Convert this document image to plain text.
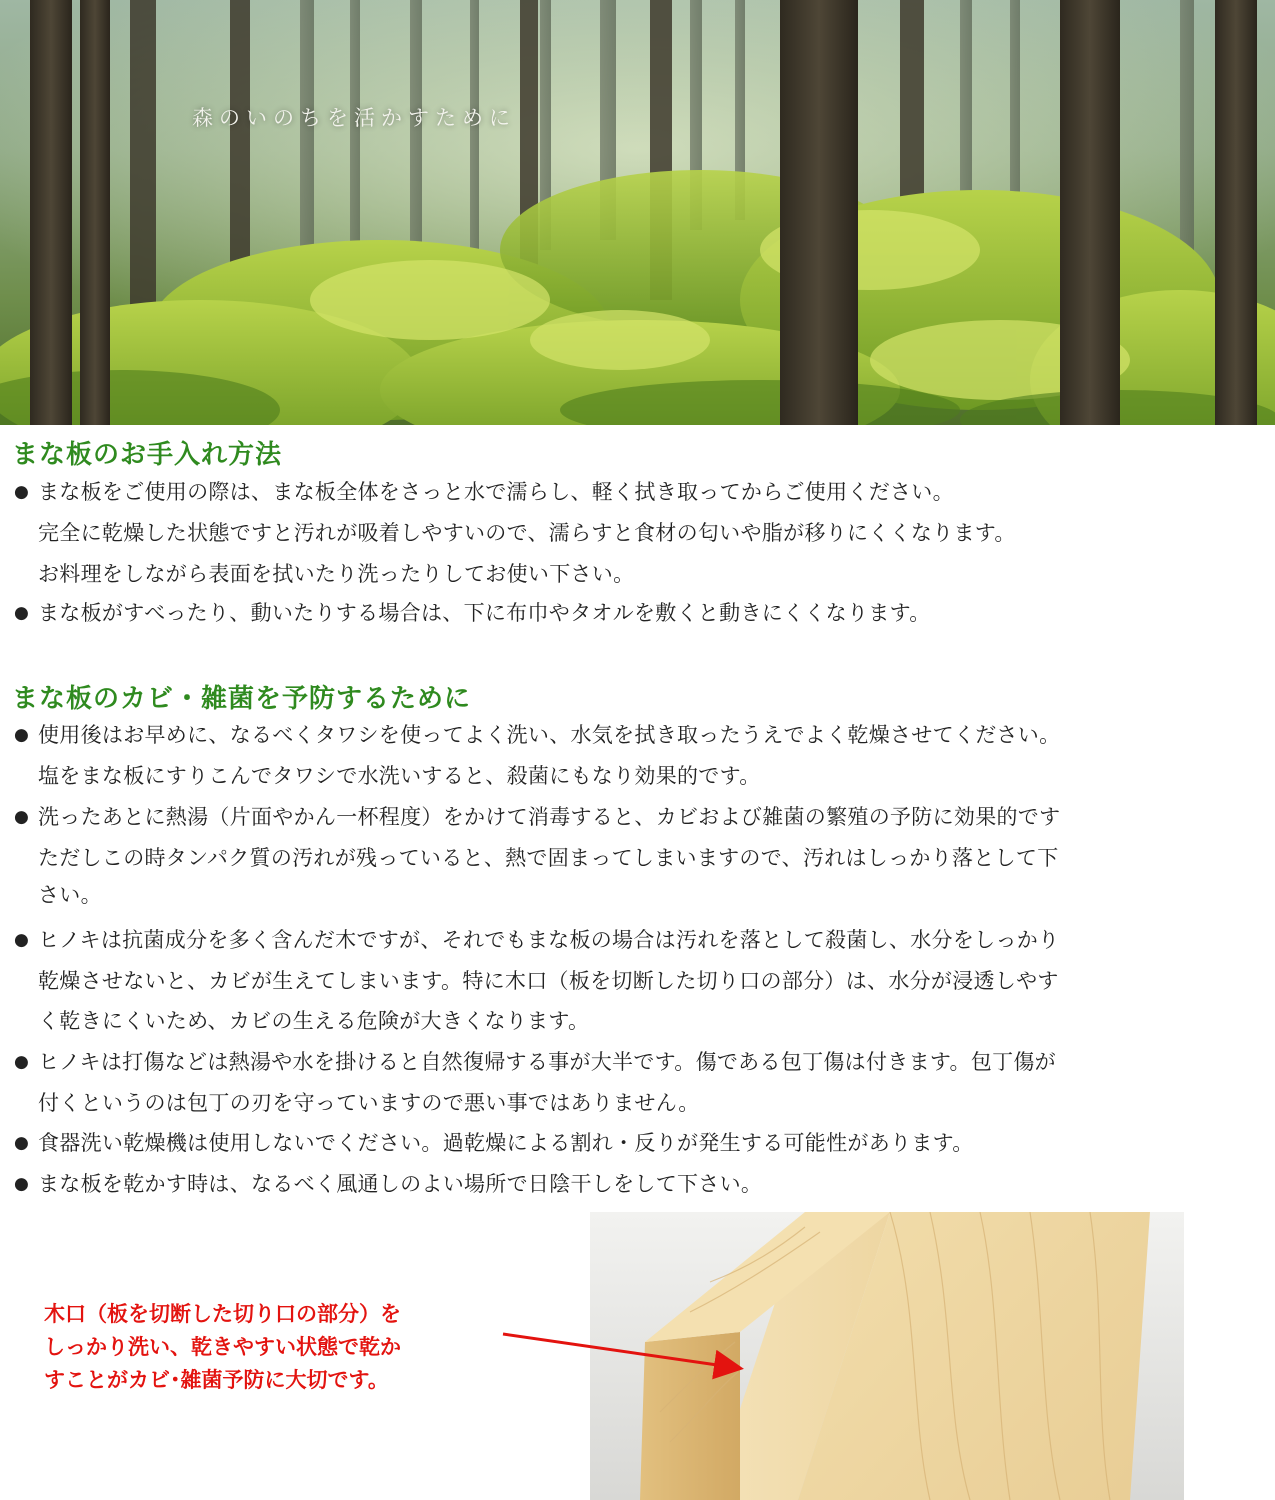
森のいのちを活かすために
まな板のお手入れ方法
● まな板をご使用の際は、まな板全体をさっと水で濡らし、軽く拭き取ってからご使用ください。
完全に乾燥した状態ですと汚れが吸着しやすいので、濡らすと食材の匂いや脂が移りにくくなります。
お料理をしながら表面を拭いたり洗ったりしてお使い下さい。
● まな板がすべったり、動いたりする場合は、下に布巾やタオルを敷くと動きにくくなります。
まな板のカビ・雑菌を予防するために
● 使用後はお早めに、なるべくタワシを使ってよく洗い、水気を拭き取ったうえでよく乾燥させてください。
塩をまな板にすりこんでタワシで水洗いすると、殺菌にもなり効果的です。
● 洗ったあとに熱湯（片面やかん一杯程度）をかけて消毒すると、カビおよび雑菌の繁殖の予防に効果的です
ただしこの時タンパク質の汚れが残っていると、熱で固まってしまいますので、汚れはしっかり落として下
さい。
● ヒノキは抗菌成分を多く含んだ木ですが、それでもまな板の場合は汚れを落として殺菌し、水分をしっかり
乾燥させないと、カビが生えてしまいます。特に木口（板を切断した切り口の部分）は、水分が浸透しやす
く乾きにくいため、カビの生える危険が大きくなります。
● ヒノキは打傷などは熱湯や水を掛けると自然復帰する事が大半です。傷である包丁傷は付きます。包丁傷が
付くというのは包丁の刃を守っていますので悪い事ではありません。
● 食器洗い乾燥機は使用しないでください。過乾燥による割れ・反りが発生する可能性があります。
● まな板を乾かす時は、なるべく風通しのよい場所で日陰干しをして下さい。
木口（板を切断した切り口の部分）を
しっかり洗い、乾きやすい状態で乾か
すことがカビ･雑菌予防に大切です。
